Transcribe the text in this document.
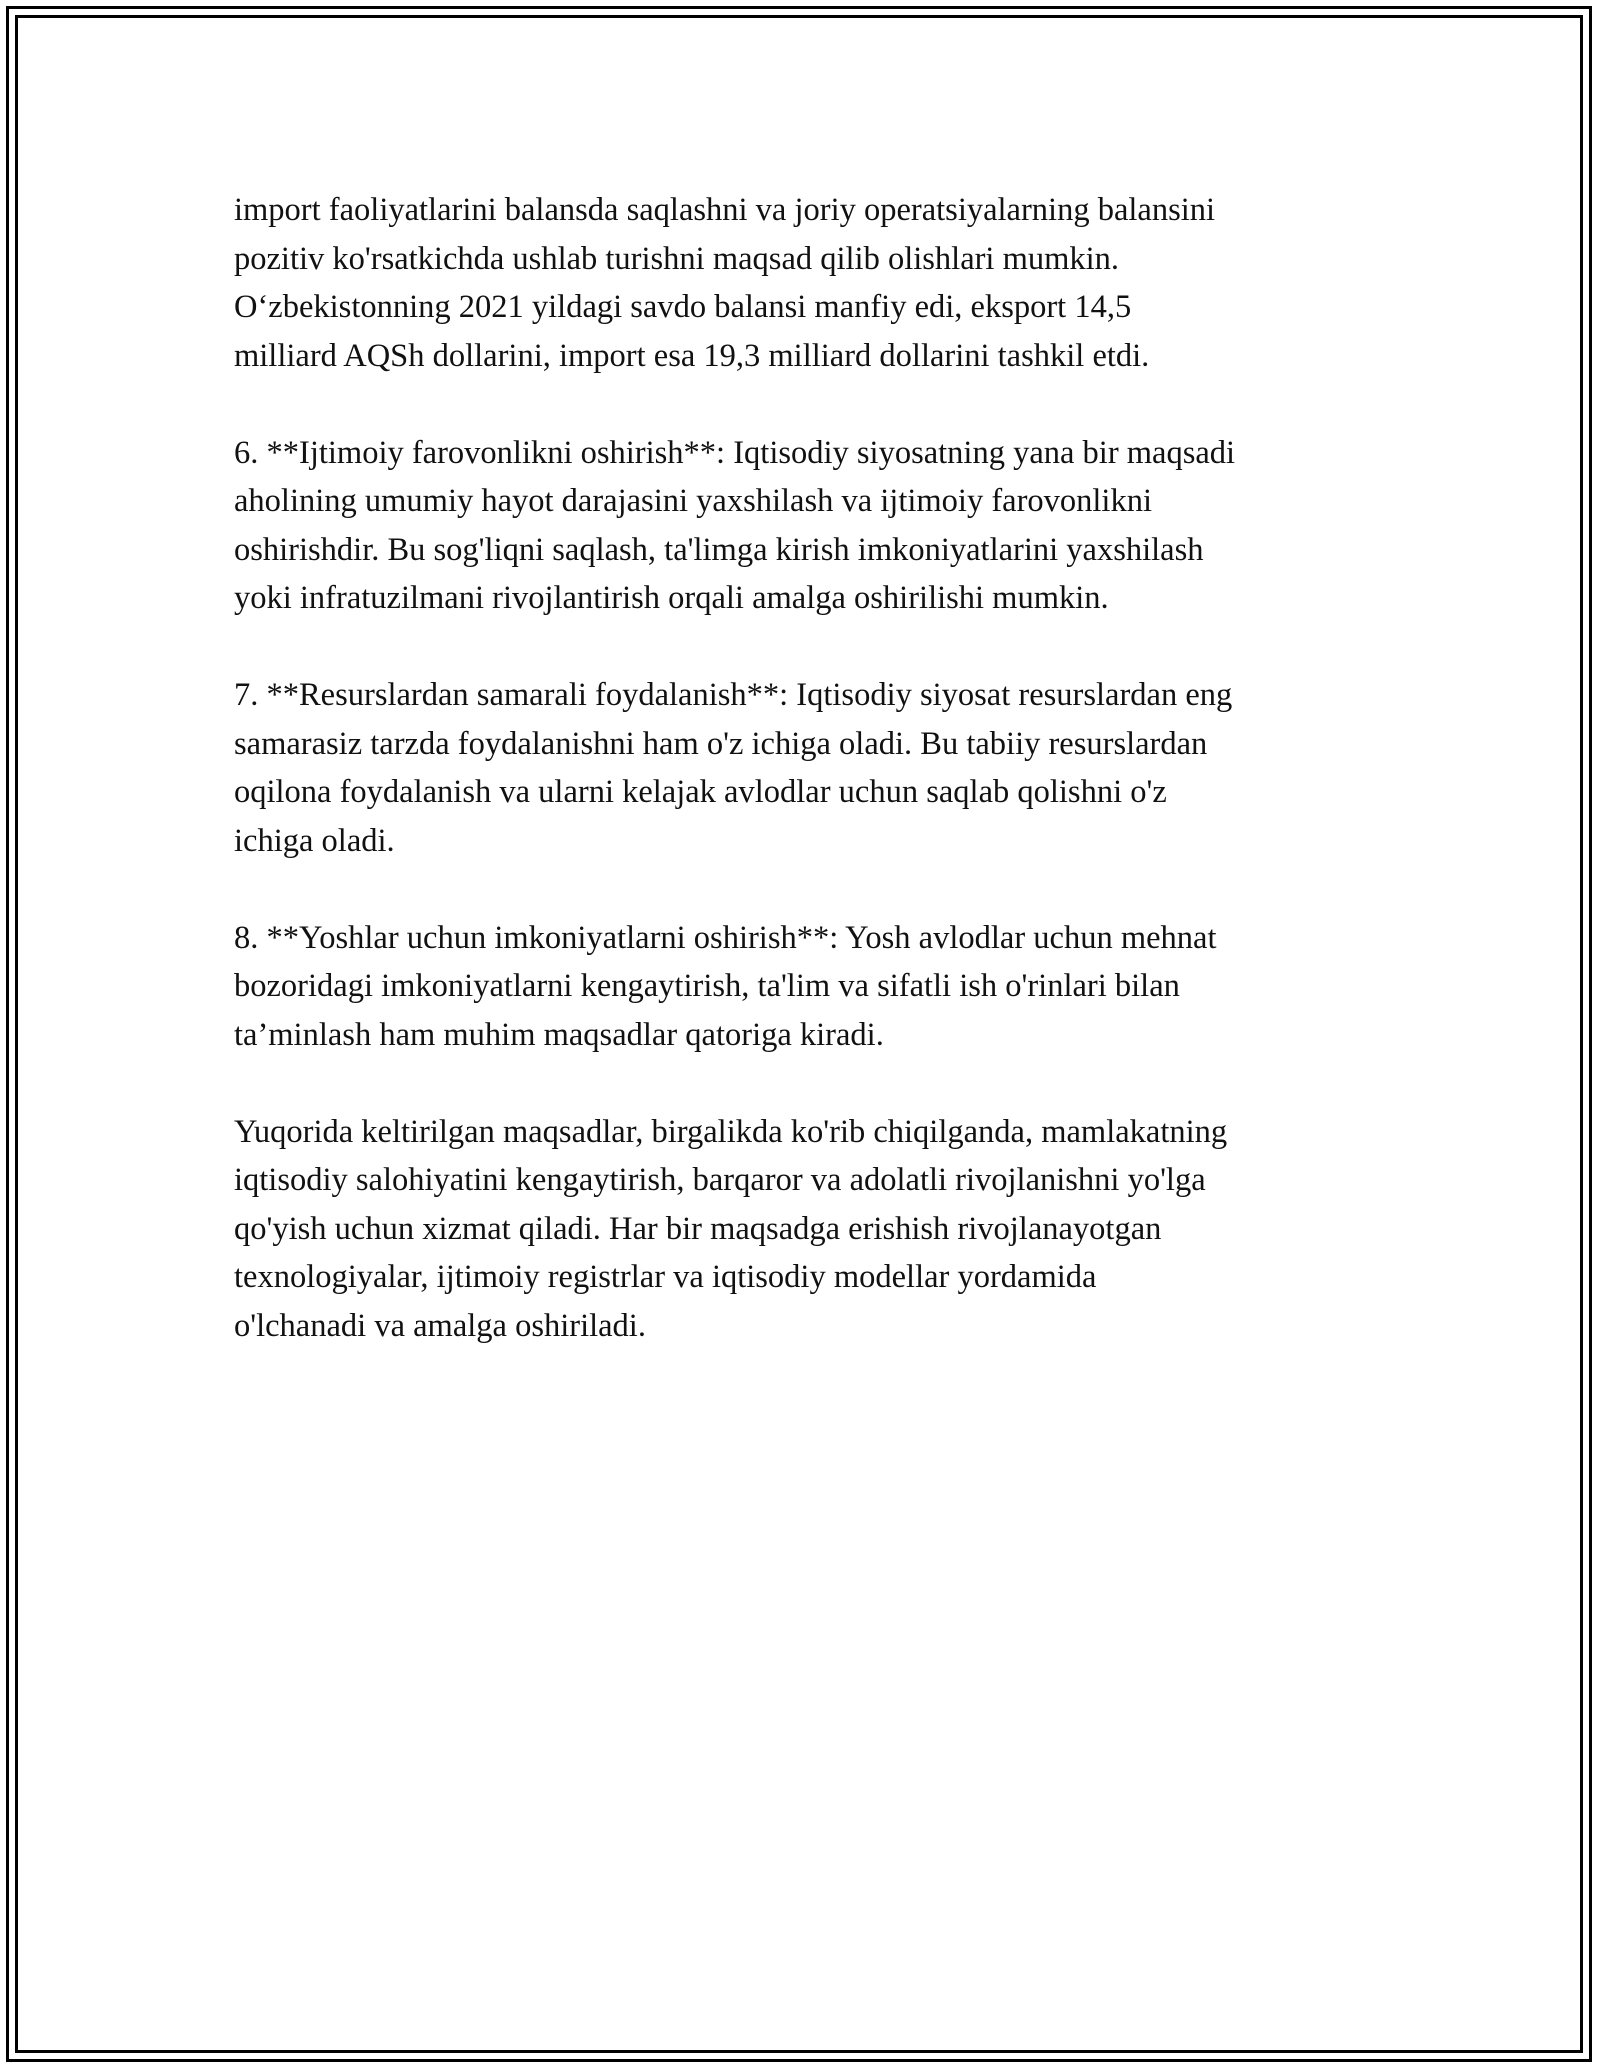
import faoliyatlarini balansda saqlashni va joriy operatsiyalarning balansini
pozitiv ko'rsatkichda ushlab turishni maqsad qilib olishlari mumkin.
O‘zbekistonning 2021 yildagi savdo balansi manfiy edi, eksport 14,5
milliard AQSh dollarini, import esa 19,3 milliard dollarini tashkil etdi.

6. **Ijtimoiy farovonlikni oshirish**: Iqtisodiy siyosatning yana bir maqsadi
aholining umumiy hayot darajasini yaxshilash va ijtimoiy farovonlikni
oshirishdir. Bu sog'liqni saqlash, ta'limga kirish imkoniyatlarini yaxshilash
yoki infratuzilmani rivojlantirish orqali amalga oshirilishi mumkin.

7. **Resurslardan samarali foydalanish**: Iqtisodiy siyosat resurslardan eng
samarasiz tarzda foydalanishni ham o'z ichiga oladi. Bu tabiiy resurslardan
oqilona foydalanish va ularni kelajak avlodlar uchun saqlab qolishni o'z
ichiga oladi.

8. **Yoshlar uchun imkoniyatlarni oshirish**: Yosh avlodlar uchun mehnat
bozoridagi imkoniyatlarni kengaytirish, ta'lim va sifatli ish o'rinlari bilan
ta’minlash ham muhim maqsadlar qatoriga kiradi.

Yuqorida keltirilgan maqsadlar, birgalikda ko'rib chiqilganda, mamlakatning
iqtisodiy salohiyatini kengaytirish, barqaror va adolatli rivojlanishni yo'lga
qo'yish uchun xizmat qiladi. Har bir maqsadga erishish rivojlanayotgan
texnologiyalar, ijtimoiy registrlar va iqtisodiy modellar yordamida
o'lchanadi va amalga oshiriladi.
